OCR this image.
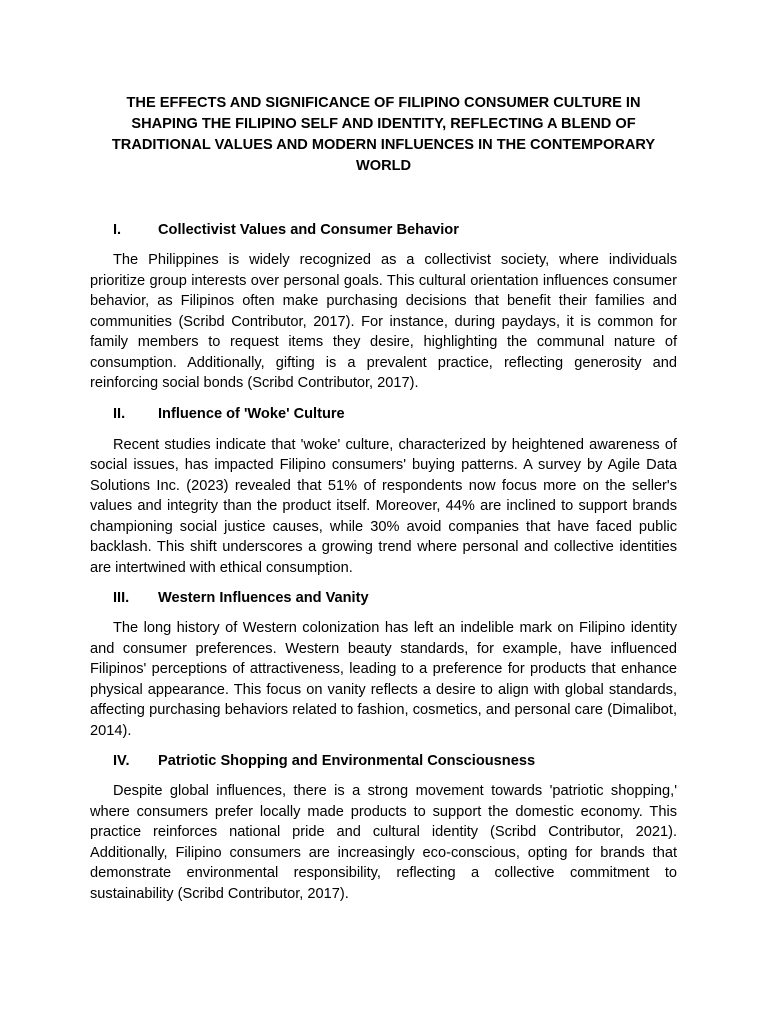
THE EFFECTS AND SIGNIFICANCE OF FILIPINO CONSUMER CULTURE IN SHAPING THE FILIPINO SELF AND IDENTITY, REFLECTING A BLEND OF TRADITIONAL VALUES AND MODERN INFLUENCES IN THE CONTEMPORARY WORLD
I.	Collectivist Values and Consumer Behavior

The Philippines is widely recognized as a collectivist society, where individuals prioritize group interests over personal goals. This cultural orientation influences consumer behavior, as Filipinos often make purchasing decisions that benefit their families and communities (Scribd Contributor, 2017). For instance, during paydays, it is common for family members to request items they desire, highlighting the communal nature of consumption. Additionally, gifting is a prevalent practice, reflecting generosity and reinforcing social bonds (Scribd Contributor, 2017).

II.	Influence of 'Woke' Culture

Recent studies indicate that 'woke' culture, characterized by heightened awareness of social issues, has impacted Filipino consumers' buying patterns. A survey by Agile Data Solutions Inc. (2023) revealed that 51% of respondents now focus more on the seller's values and integrity than the product itself. Moreover, 44% are inclined to support brands championing social justice causes, while 30% avoid companies that have faced public backlash. This shift underscores a growing trend where personal and collective identities are intertwined with ethical consumption.

III.	Western Influences and Vanity

The long history of Western colonization has left an indelible mark on Filipino identity and consumer preferences. Western beauty standards, for example, have influenced Filipinos' perceptions of attractiveness, leading to a preference for products that enhance physical appearance. This focus on vanity reflects a desire to align with global standards, affecting purchasing behaviors related to fashion, cosmetics, and personal care (Dimalibot, 2014).

IV.	Patriotic Shopping and Environmental Consciousness

Despite global influences, there is a strong movement towards 'patriotic shopping,' where consumers prefer locally made products to support the domestic economy. This practice reinforces national pride and cultural identity (Scribd Contributor, 2021). Additionally, Filipino consumers are increasingly eco-conscious, opting for brands that demonstrate environmental responsibility, reflecting a collective commitment to sustainability (Scribd Contributor, 2017).
